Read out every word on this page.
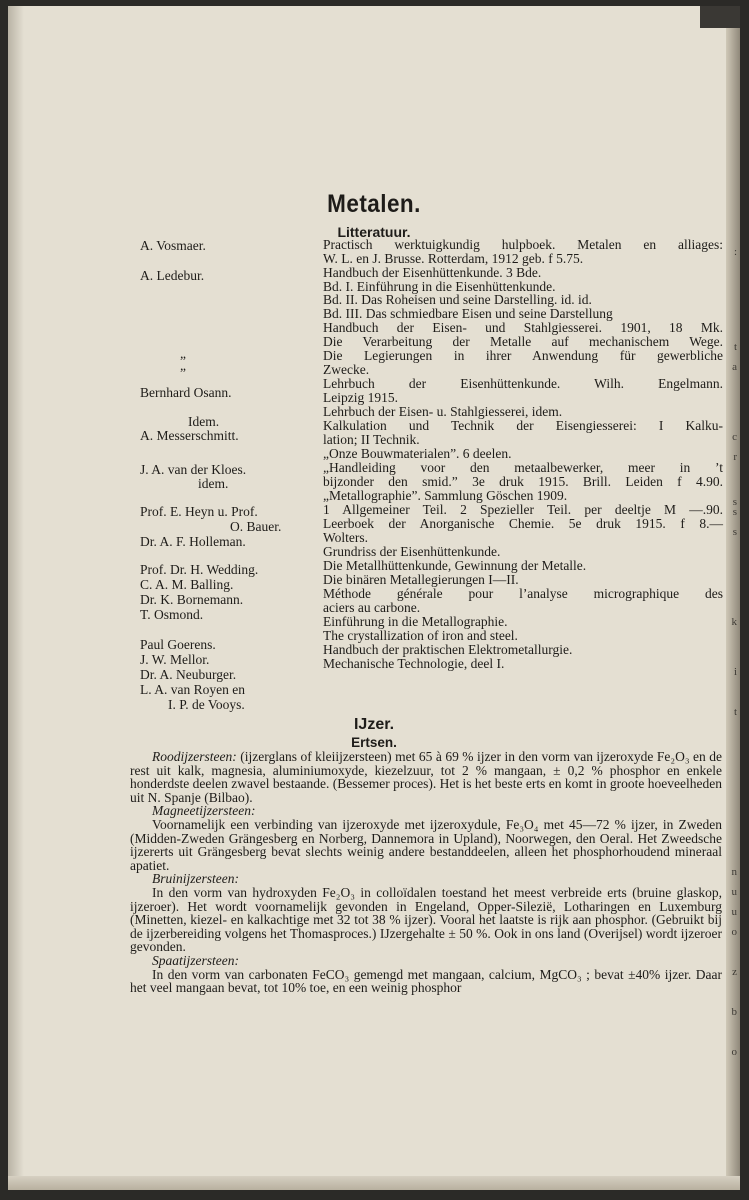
:
t
a
c
r
s
s
s
k
i
t
n
u
u
o
z
b
o
Metalen.
Litteratuur.
A. Vosmaer.
A. Ledebur.
„
„
Bernhard Osann.
Idem.
A. Messerschmitt.
J. A. van der Kloes.
idem.
Prof. E. Heyn u. Prof.
O. Bauer.
Dr. A. F. Holleman.
Prof. Dr. H. Wedding.
C. A. M. Balling.
Dr. K. Bornemann.
T. Osmond.
Paul Goerens.
J. W. Mellor.
Dr. A. Neuburger.
L. A. van Royen en
I. P. de Vooys.
Practisch werktuigkundig hulpboek. Metalen en alliages:
W. L. en J. Brusse. Rotterdam, 1912 geb. f 5.75.
Handbuch der Eisenhüttenkunde. 3 Bde.
Bd. I. Einführung in die Eisenhüttenkunde.
Bd. II. Das Roheisen und seine Darstelling. id. id.
Bd. III. Das schmiedbare Eisen und seine Darstellung
Handbuch der Eisen- und Stahlgiesserei. 1901, 18 Mk.
Die Verarbeitung der Metalle auf mechanischem Wege.
Die Legierungen in ihrer Anwendung für gewerbliche
Zwecke.
Lehrbuch der Eisenhüttenkunde. Wilh. Engelmann.
Leipzig 1915.
Lehrbuch der Eisen- u. Stahlgiesserei, idem.
Kalkulation und Technik der Eisengiesserei: I Kalku-
lation; II Technik.
„Onze Bouwmaterialen”. 6 deelen.
„Handleiding voor den metaalbewerker, meer in ’t
bijzonder den smid.” 3e druk 1915. Brill. Leiden f 4.90.
„Metallographie”. Sammlung Göschen 1909.
1 Allgemeiner Teil. 2 Spezieller Teil. per deeltje M —.90.
Leerboek der Anorganische Chemie. 5e druk 1915. f 8.—
Wolters.
Grundriss der Eisenhüttenkunde.
Die Metallhüttenkunde, Gewinnung der Metalle.
Die binären Metallegierungen I—II.
Méthode générale pour l’analyse micrographique des
aciers au carbone.
Einführung in die Metallographie.
The crystallization of iron and steel.
Handbuch der praktischen Elektrometallurgie.
Mechanische Technologie, deel I.
IJzer.
Ertsen.

Roodijzersteen: (ijzerglans of kleiijzersteen) met 65 à 69 % ijzer in den vorm van ijzeroxyde Fe₂O₃ en de rest uit kalk, magnesia, aluminiumoxyde, kiezelzuur, tot 2 % mangaan, ± 0,2 % phosphor en enkele honderdste deelen zwavel bestaande. (Bessemer proces). Het is het beste erts en komt in groote hoeveelheden uit N. Spanje (Bilbao).

Magneetijzersteen:

Voornamelijk een verbinding van ijzeroxyde met ijzeroxydule, Fe₃O₄ met 45—72 % ijzer, in Zweden (Midden-Zweden Grängesberg en Norberg, Dannemora in Upland), Noorwegen, den Oeral. Het Zweedsche ijzererts uit Grängesberg bevat slechts weinig andere bestanddeelen, alleen het phosphorhoudend mineraal apatiet.

Bruinijzersteen:

In den vorm van hydroxyden Fe₂O₃ in colloïdalen toestand het meest verbreide erts (bruine glaskop, ijzeroer). Het wordt voornamelijk gevonden in Engeland, Opper-Silezië, Lotharingen en Luxemburg (Minetten, kiezel- en kalkachtige met 32 tot 38 % ijzer). Vooral het laatste is rijk aan phosphor. (Gebruikt bij de ijzerbereiding volgens het Thomasproces.) IJzergehalte ± 50 %. Ook in ons land (Overijsel) wordt ijzeroer gevonden.

Spaatijzersteen:

In den vorm van carbonaten FeCO₃ gemengd met mangaan, calcium, MgCO₃ ; bevat ±40% ijzer. Daar het veel mangaan bevat, tot 10% toe, en een weinig phosphor
